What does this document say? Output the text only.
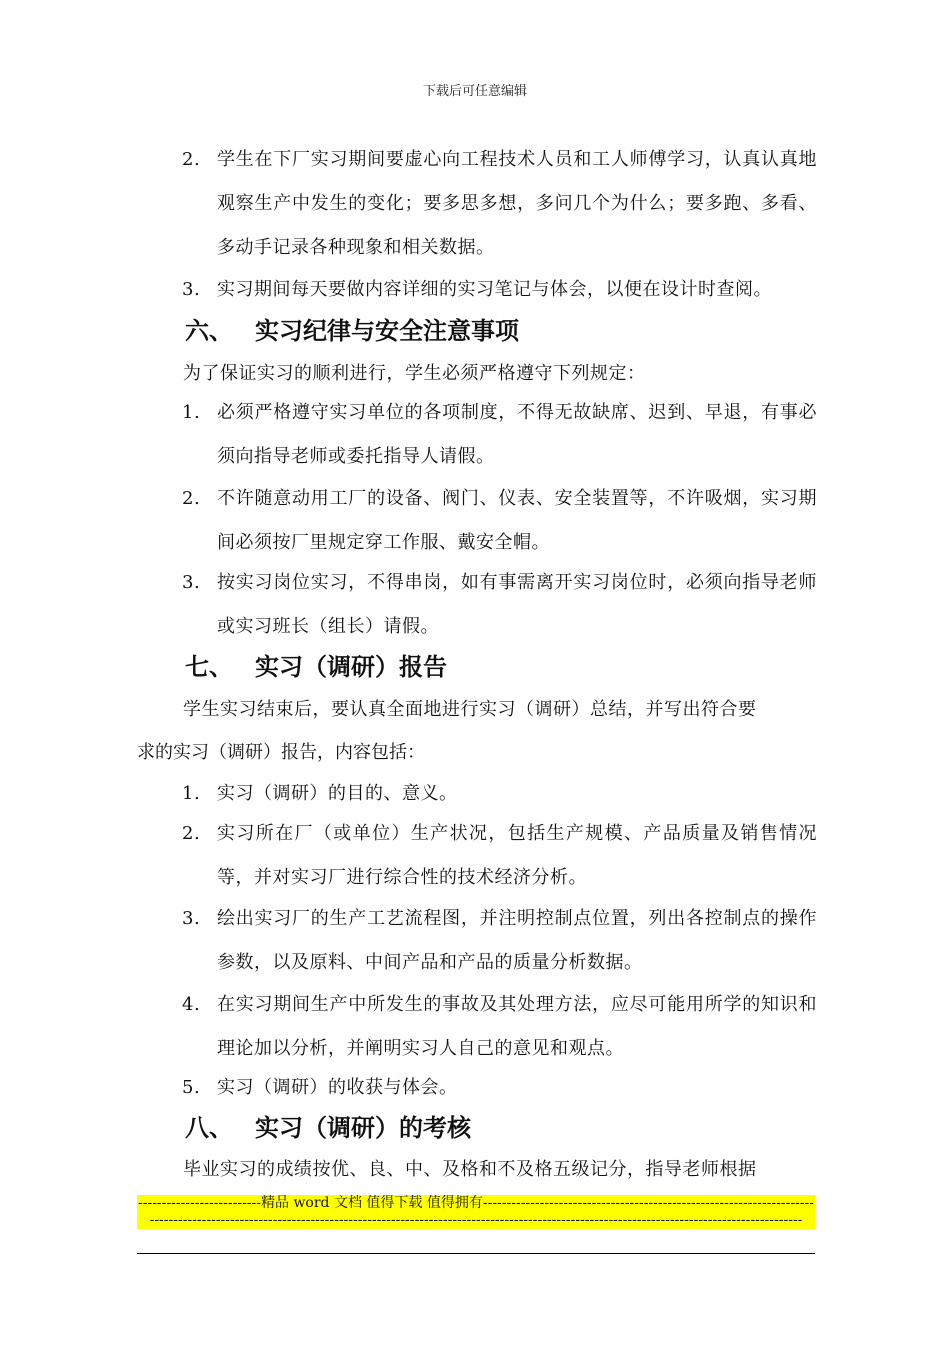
下载后可任意编辑
2. 学生在下厂实习期间要虚心向工程技术人员和工人师傅学习，认真认真地观察生产中发生的变化；要多思多想，多问几个为什么；要多跑、多看、多动手记录各种现象和相关数据。
3. 实习期间每天要做内容详细的实习笔记与体会，以便在设计时查阅。
六、 实习纪律与安全注意事项
为了保证实习的顺利进行，学生必须严格遵守下列规定：
1. 必须严格遵守实习单位的各项制度，不得无故缺席、迟到、早退，有事必须向指导老师或委托指导人请假。
2. 不许随意动用工厂的设备、阀门、仪表、安全装置等，不许吸烟，实习期间必须按厂里规定穿工作服、戴安全帽。
3. 按实习岗位实习，不得串岗，如有事需离开实习岗位时，必须向指导老师或实习班长（组长）请假。
七、 实习（调研）报告
学生实习结束后，要认真全面地进行实习（调研）总结，并写出符合要
求的实习（调研）报告，内容包括：
1. 实习（调研）的目的、意义。
2. 实习所在厂（或单位）生产状况，包括生产规模、产品质量及销售情况等，并对实习厂进行综合性的技术经济分析。
3. 绘出实习厂的生产工艺流程图，并注明控制点位置，列出各控制点的操作参数，以及原料、中间产品和产品的质量分析数据。
4. 在实习期间生产中所发生的事故及其处理方法，应尽可能用所学的知识和理论加以分析，并阐明实习人自己的意见和观点。
5. 实习（调研）的收获与体会。
八、 实习（调研）的考核
毕业实习的成绩按优、良、中、及格和不及格五级记分，指导老师根据
--------------------------精品 word 文档 值得下载 值得拥有----------------------------------------------------------------------------------------------------------------------------------------------------------------------------------------------------------------
